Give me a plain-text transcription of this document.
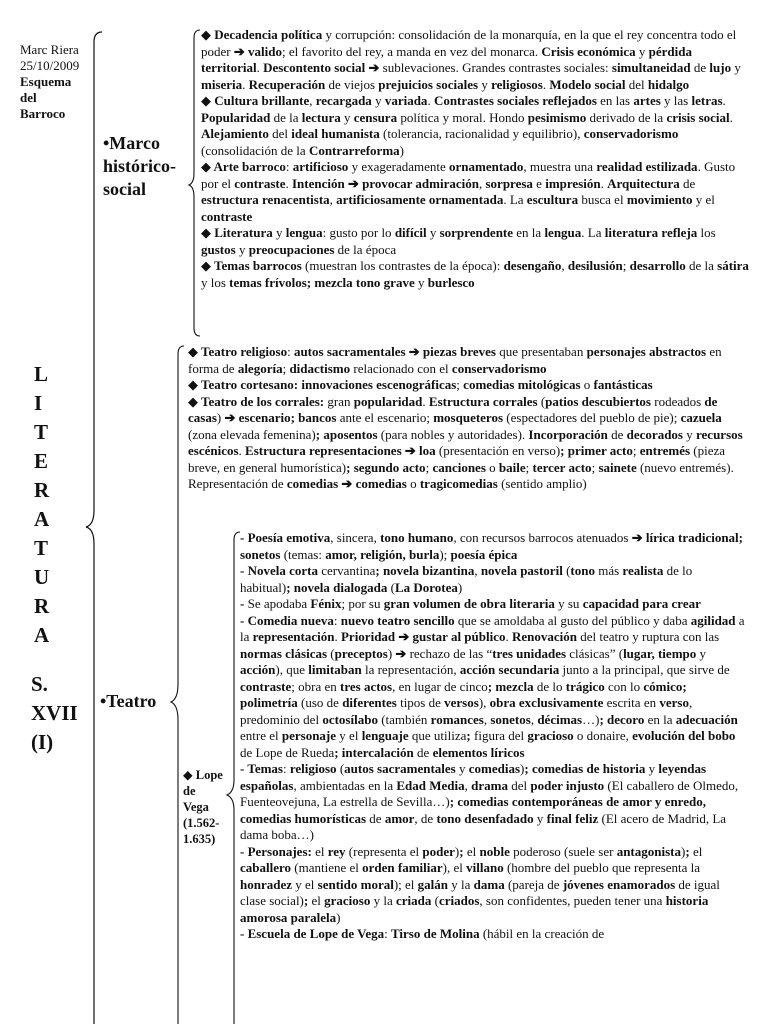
Marc Riera
25/10/2009
Esquema
del
Barroco
L
I
T
E
R
A
T
U
R
A
S.
XVII
(I)
•Marco
histórico-
social
•Teatro
◆ Lope
de
Vega
(1.562-
1.635)

◆ Decadencia política y corrupción: consolidación de la monarquía, en la que el rey concentra todo el poder ➔ valido; el favorito del rey, a manda en vez del monarca. Crisis económica y pérdida territorial. Descontento social ➔ sublevaciones. Grandes contrastes sociales: simultaneidad de lujo y miseria. Recuperación de viejos prejuicios sociales y religiosos. Modelo social del hidalgo

◆ Cultura brillante, recargada y variada. Contrastes sociales reflejados en las artes y las letras. Popularidad de la lectura y censura política y moral. Hondo pesimismo derivado de la crisis social. Alejamiento del ideal humanista (tolerancia, racionalidad y equilibrio), conservadorismo (consolidación de la Contrarreforma)

◆ Arte barroco: artificioso y exageradamente ornamentado, muestra una realidad estilizada. Gusto por el contraste. Intención ➔ provocar admiración, sorpresa e impresión. Arquitectura de estructura renacentista, artificiosamente ornamentada. La escultura busca el movimiento y el contraste

◆ Literatura y lengua: gusto por lo difícil y sorprendente en la lengua. La literatura refleja los gustos y preocupaciones de la época

◆ Temas barrocos (muestran los contrastes de la época): desengaño, desilusión; desarrollo de la sátira y los temas frívolos; mezcla tono grave y burlesco

◆ Teatro religioso: autos sacramentales ➔ piezas breves que presentaban personajes abstractos en forma de alegoría; didactismo relacionado con el conservadorismo

◆ Teatro cortesano: innovaciones escenográficas; comedias mitológicas o fantásticas

◆ Teatro de los corrales: gran popularidad. Estructura corrales (patios descubiertos rodeados de casas) ➔ escenario; bancos ante el escenario; mosqueteros (espectadores del pueblo de pie); cazuela (zona elevada femenina); aposentos (para nobles y autoridades). Incorporación de decorados y recursos escénicos. Estructura representaciones ➔ loa (presentación en verso); primer acto; entremés (pieza breve, en general humorística); segundo acto; canciones o baile; tercer acto; sainete (nuevo entremés). Representación de comedias ➔ comedias o tragicomedias (sentido amplio)

- Poesía emotiva, sincera, tono humano, con recursos barrocos atenuados ➔ lírica tradicional; sonetos (temas: amor, religión, burla); poesía épica

- Novela corta cervantina; novela bizantina, novela pastoril (tono más realista de lo habitual); novela dialogada (La Dorotea)

- Se apodaba Fénix; por su gran volumen de obra literaria y su capacidad para crear

- Comedia nueva: nuevo teatro sencillo que se amoldaba al gusto del público y daba agilidad a la representación. Prioridad ➔ gustar al público. Renovación del teatro y ruptura con las normas clásicas (preceptos) ➔ rechazo de las “tres unidades clásicas” (lugar, tiempo y acción), que limitaban la representación, acción secundaria junto a la principal, que sirve de contraste; obra en tres actos, en lugar de cinco; mezcla de lo trágico con lo cómico; polimetría (uso de diferentes tipos de versos), obra exclusivamente escrita en verso, predominio del octosílabo (también romances, sonetos, décimas…); decoro en la adecuación entre el personaje y el lenguaje que utiliza; figura del gracioso o donaire, evolución del bobo de Lope de Rueda; intercalación de elementos líricos

- Temas: religioso (autos sacramentales y comedias); comedias de historia y leyendas españolas, ambientadas en la Edad Media, drama del poder injusto (El caballero de Olmedo, Fuenteovejuna, La estrella de Sevilla…); comedias contemporáneas de amor y enredo, comedias humorísticas de amor, de tono desenfadado y final feliz (El acero de Madrid, La dama boba…)

- Personajes: el rey (representa el poder); el noble poderoso (suele ser antagonista); el caballero (mantiene el orden familiar), el villano (hombre del pueblo que representa la honradez y el sentido moral); el galán y la dama (pareja de jóvenes enamorados de igual clase social); el gracioso y la criada (criados, son confidentes, pueden tener una historia amorosa paralela)

- Escuela de Lope de Vega: Tirso de Molina (hábil en la creación de
